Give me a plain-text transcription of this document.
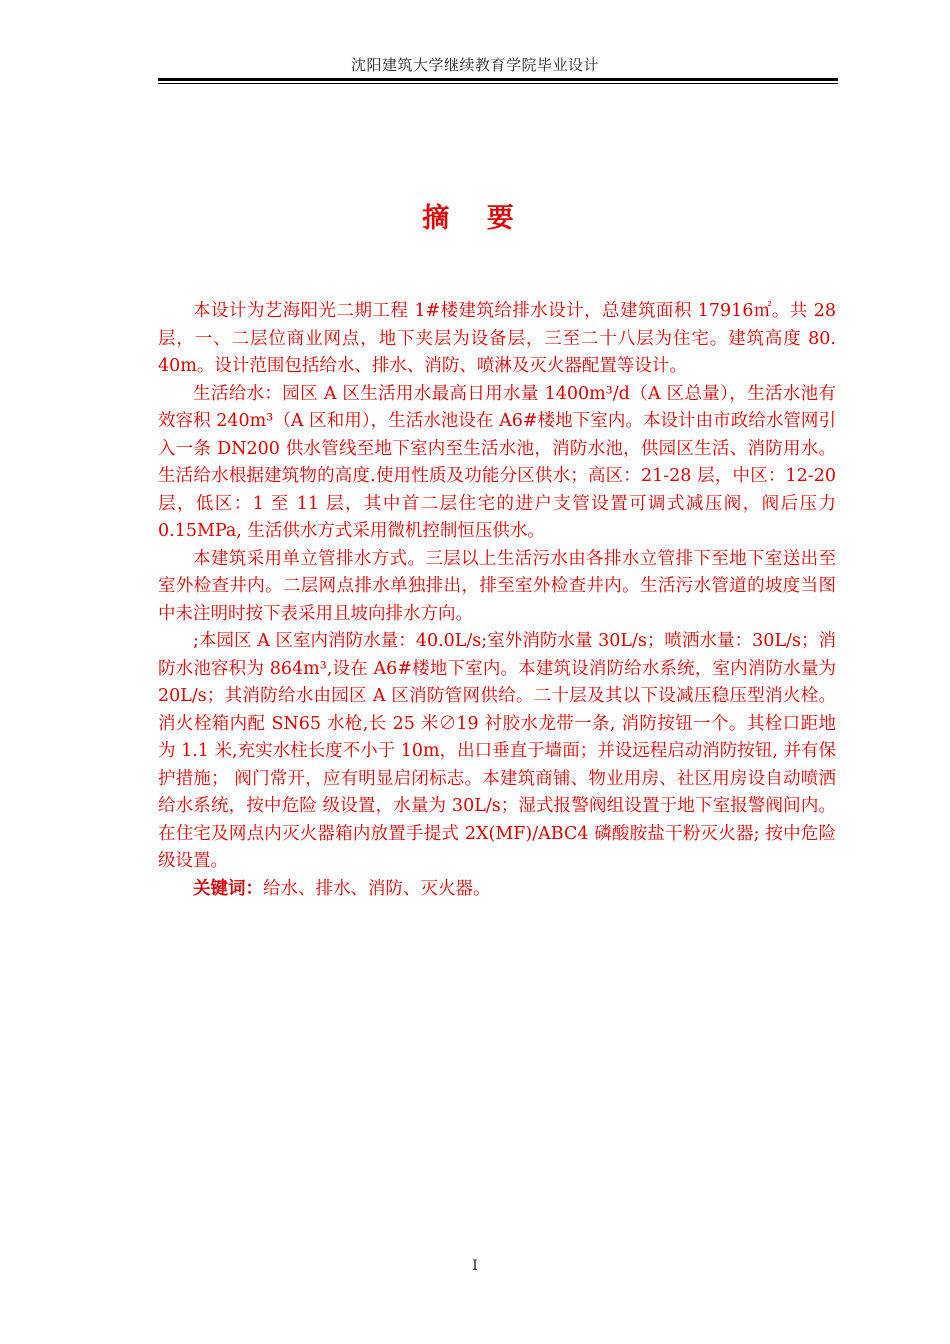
沈阳建筑大学继续教育学院毕业设计
摘 要

本设计为艺海阳光二期工程 1#楼建筑给排水设计，总建筑面积 17916㎡。共 28 层，一、二层位商业网点，地下夹层为设备层，三至二十八层为住宅。建筑高度 80. 40m。设计范围包括给水、排水、消防、喷淋及灭火器配置等设计。

生活给水：园区 A 区生活用水最高日用水量 1400m³/d（A 区总量），生活水池有效容积 240m³（A 区和用），生活水池设在 A6#楼地下室内。本设计由市政给水管网引入一条 DN200 供水管线至地下室内至生活水池，消防水池，供园区生活、消防用水。生活给水根据建筑物的高度.使用性质及功能分区供水；高区：21-28 层，中区：12-20 层，低区：1 至 11 层，其中首二层住宅的进户支管设置可调式减压阀，阀后压力 0.15MPa, 生活供水方式采用微机控制恒压供水。

本建筑采用单立管排水方式。三层以上生活污水由各排水立管排下至地下室送出至室外检查井内。二层网点排水单独排出，排至室外检查井内。生活污水管道的坡度当图中未注明时按下表采用且坡向排水方向。

;本园区 A 区室内消防水量：40.0L/s;室外消防水量 30L/s；喷洒水量：30L/s；消防水池容积为 864m³,设在 A6#楼地下室内。本建筑设消防给水系统，室内消防水量为 20L/s；其消防给水由园区 A 区消防管网供给。二十层及其以下设减压稳压型消火栓。消火栓箱内配 SN65 水枪,长 25 米∅19 衬胶水龙带一条, 消防按钮一个。其栓口距地为 1.1 米,充实水柱长度不小于 10m，出口垂直于墙面；并设远程启动消防按钮, 并有保护措施； 阀门常开，应有明显启闭标志。本建筑商铺、物业用房、社区用房设自动喷洒给水系统，按中危险 级设置，水量为 30L/s；湿式报警阀组设置于地下室报警阀间内。在住宅及网点内灭火器箱内放置手提式 2X(MF)/ABC4 磷酸胺盐干粉灭火器; 按中危险级设置。

关键词：给水、排水、消防、灭火器。

I
